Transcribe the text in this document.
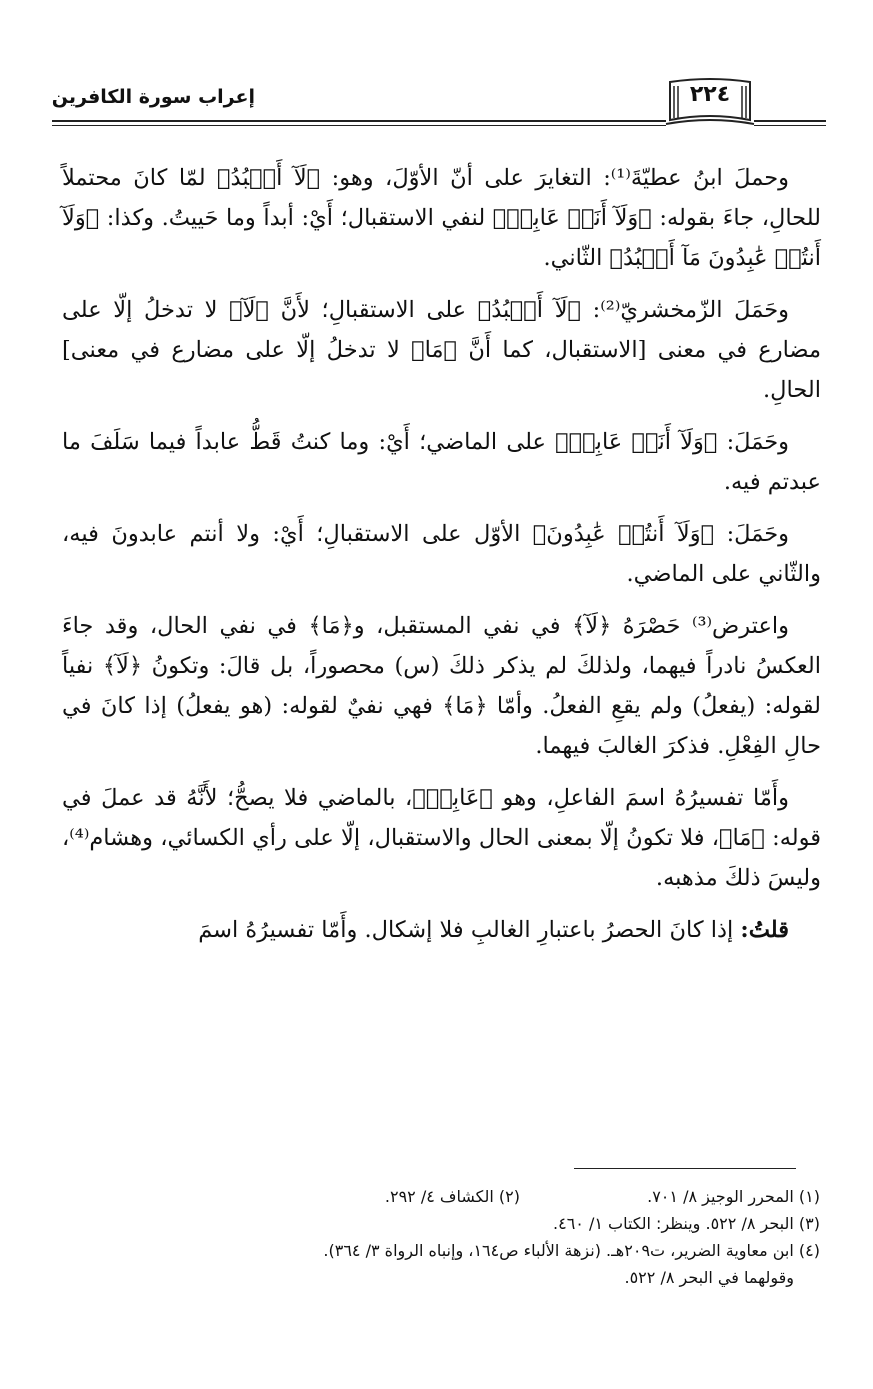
٢٢٤
إعراب سورة الكافرين

وحملَ ابنُ عطيّةَ⁽¹⁾: التغايرَ على أنّ الأوّلَ، وهو: ﴿لَآ أَعۡبُدُ﴾ لمّا كانَ محتملاً للحالِ، جاءَ بقوله: ﴿وَلَآ أَنَا۠ عَابِدٞ﴾ لنفي الاستقبال؛ أَيْ: أبداً وما حَييتُ. وكذا: ﴿وَلَآ أَنتُمۡ عَٰبِدُونَ مَآ أَعۡبُدُ﴾ الثّاني.

وحَمَلَ الزّمخشريّ⁽²⁾: ﴿لَآ أَعۡبُدُ﴾ على الاستقبالِ؛ لأَنَّ ﴿لَآ﴾ لا تدخلُ إلّا على مضارع في معنى [الاستقبال، كما أَنَّ ﴿مَا﴾ لا تدخلُ إلّا على مضارع في معنى] الحالِ.

وحَمَلَ: ﴿وَلَآ أَنَا۠ عَابِدٞ﴾ على الماضي؛ أَيْ: وما كنتُ قَطُّ عابداً فيما سَلَفَ ما عبدتم فيه.

وحَمَلَ: ﴿وَلَآ أَنتُمۡ عَٰبِدُونَ﴾ الأوّل على الاستقبالِ؛ أَيْ: ولا أنتم عابدونَ فيه، والثّاني على الماضي.

واعترض⁽³⁾ حَصْرَهُ ﴿لَآ﴾ في نفي المستقبل، و﴿مَا﴾ في نفي الحال، وقد جاءَ العكسُ نادراً فيهما، ولذلكَ لم يذكر ذلكَ (س) محصوراً، بل قالَ: وتكونُ ﴿لَآ﴾ نفياً لقوله: (يفعلُ) ولم يقعِ الفعلُ. وأمّا ﴿مَا﴾ فهي نفيٌ لقوله: (هو يفعلُ) إذا كانَ في حالِ الفِعْلِ. فذكرَ الغالبَ فيهما.

وأَمّا تفسيرُهُ اسمَ الفاعلِ، وهو ﴿عَابِدٞ﴾، بالماضي فلا يصحُّ؛ لأَنَّهُ قد عملَ في قوله: ﴿مَا﴾، فلا تكونُ إلّا بمعنى الحال والاستقبال، إلّا على رأي الكسائي، وهشام⁽⁴⁾، وليسَ ذلكَ مذهبه.

قلتُ: إذا كانَ الحصرُ باعتبارِ الغالبِ فلا إشكال. وأَمّا تفسيرُهُ اسمَ

(١) المحرر الوجيز ٨/ ٧٠١.
(٢) الكشاف ٤/ ٢٩٢.
(٣) البحر ٨/ ٥٢٢. وينظر: الكتاب ١/ ٤٦٠.
(٤) ابن معاوية الضرير، ت٢٠٩هـ. (نزهة الألباء ص١٦٤، وإنباه الرواة ٣/ ٣٦٤).
وقولهما في البحر ٨/ ٥٢٢.
